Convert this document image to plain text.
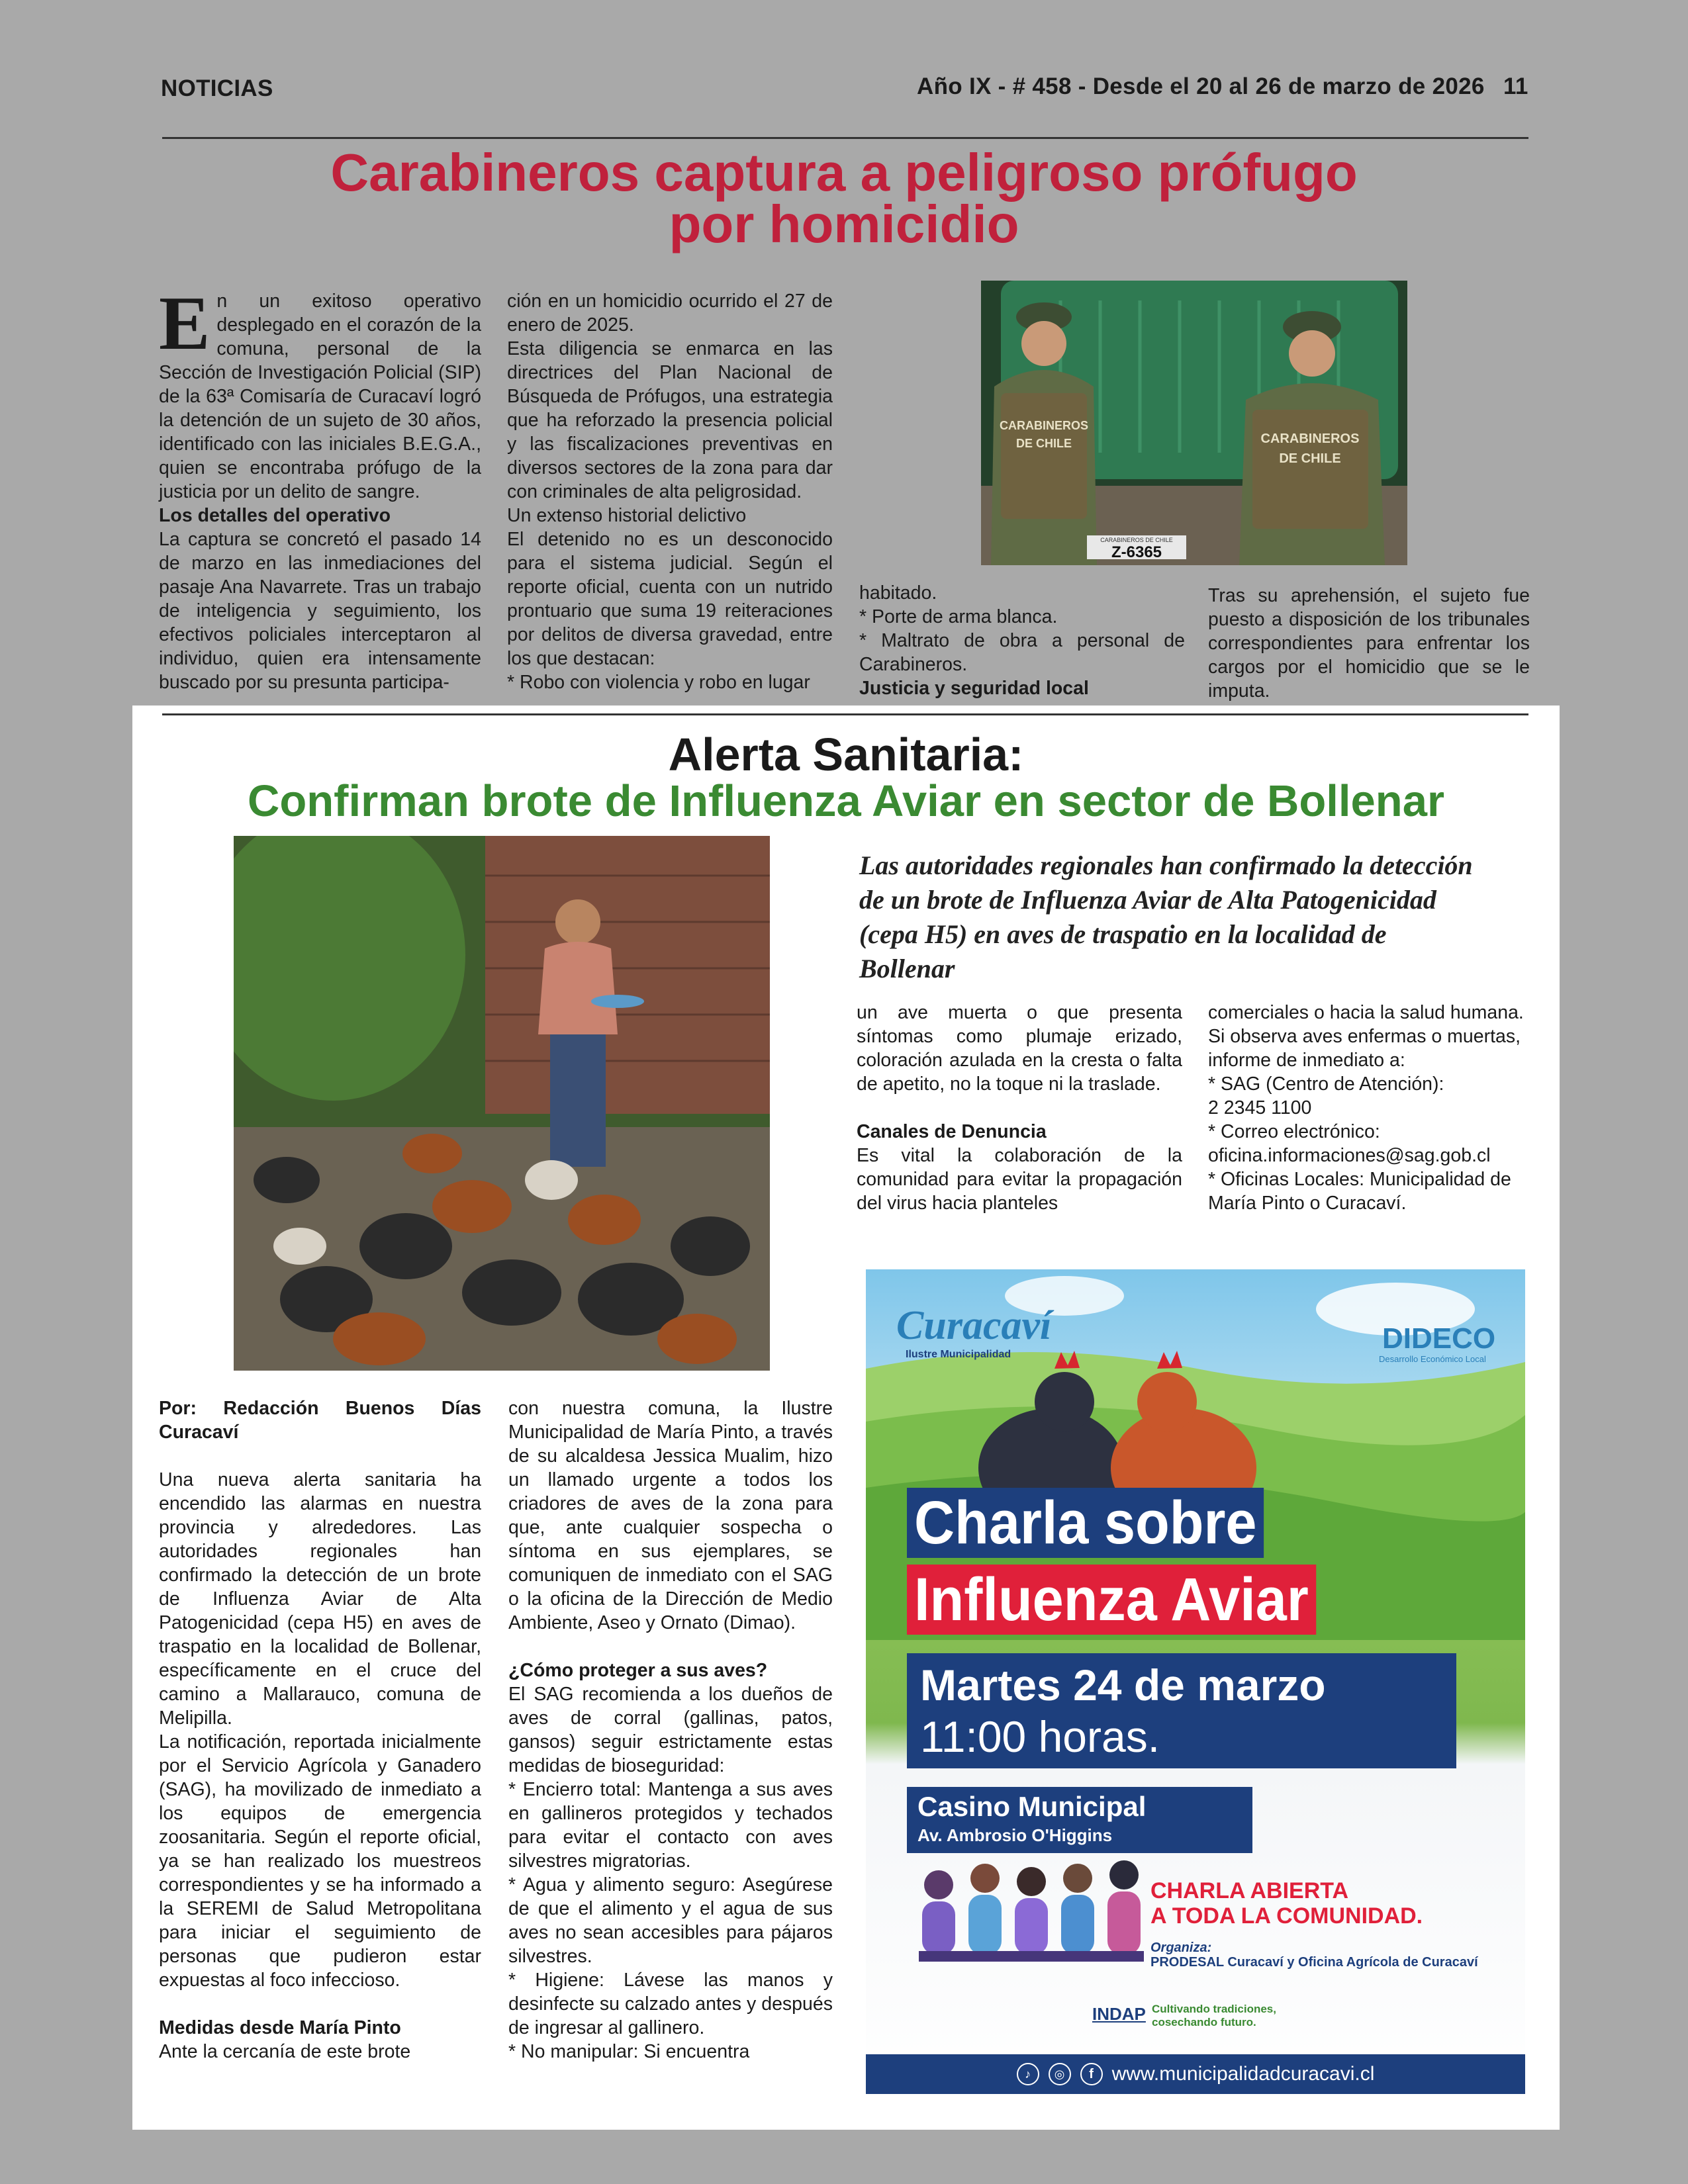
NOTICIAS	Año IX - # 458 - Desde el 20 al 26 de marzo de 2026 11
Carabineros captura a peligroso prófugo
por homicidio
E n un exitoso operativo desplegado en el corazón de la comuna, personal de la Sección de Investigación Policial (SIP) de la 63ª Comisaría de Curacaví logró la detención de un sujeto de 30 años, identificado con las iniciales B.E.G.A., quien se encontraba prófugo de la justicia por un delito de sangre.

Los detalles del operativo

La captura se concretó el pasado 14 de marzo en las inmediaciones del pasaje Ana Navarrete. Tras un trabajo de inteligencia y seguimiento, los efectivos policiales interceptaron al individuo, quien era intensamente buscado por su presunta participa-

ción en un homicidio ocurrido el 27 de enero de 2025.

Esta diligencia se enmarca en las directrices del Plan Nacional de Búsqueda de Prófugos, una estrategia que ha reforzado la presencia policial y las fiscalizaciones preventivas en diversos sectores de la zona para dar con criminales de alta peligrosidad.

Un extenso historial delictivo

El detenido no es un desconocido para el sistema judicial. Según el reporte oficial, cuenta con un nutrido prontuario que suma 19 reiteraciones por delitos de diversa gravedad, entre los que destacan:

* Robo con violencia y robo en lugar

CARABINEROS
DE CHILE	CARABINEROS
DE CHILE
CARABINEROS DE CHILE
Z-6365

habitado.

* Porte de arma blanca.

* Maltrato de obra a personal de Carabineros.

Justicia y seguridad local

Tras su aprehensión, el sujeto fue puesto a disposición de los tribunales correspondientes para enfrentar los cargos por el homicidio que se le imputa.

Alerta Sanitaria:
Confirman brote de Influenza Aviar en sector de Bollenar
Las autoridades regionales han confirmado la detección de un brote de Influenza Aviar de Alta Patogenicidad (cepa H5) en aves de traspatio en la localidad de Bollenar

Por: Redacción Buenos Días Curacaví

Una nueva alerta sanitaria ha encendido las alarmas en nuestra provincia y alrededores. Las autoridades regionales han confirmado la detección de un brote de Influenza Aviar de Alta Patogenicidad (cepa H5) en aves de traspatio en la localidad de Bollenar, específicamente en el cruce del camino a Mallarauco, comuna de Melipilla.

La notificación, reportada inicialmente por el Servicio Agrícola y Ganadero (SAG), ha movilizado de inmediato a los equipos de emergencia zoosanitaria. Según el reporte oficial, ya se han realizado los muestreos correspondientes y se ha informado a la SEREMI de Salud Metropolitana para iniciar el seguimiento de personas que pudieron estar expuestas al foco infeccioso.

Medidas desde María Pinto

Ante la cercanía de este brote

con nuestra comuna, la Ilustre Municipalidad de María Pinto, a través de su alcaldesa Jessica Mualim, hizo un llamado urgente a todos los criadores de aves de la zona para que, ante cualquier sospecha o síntoma en sus ejemplares, se comuniquen de inmediato con el SAG o la oficina de la Dirección de Medio Ambiente, Aseo y Ornato (Dimao).

¿Cómo proteger a sus aves?

El SAG recomienda a los dueños de aves de corral (gallinas, patos, gansos) seguir estrictamente estas medidas de bioseguridad:

* Encierro total: Mantenga a sus aves en gallineros protegidos y techados para evitar el contacto con aves silvestres migratorias.

* Agua y alimento seguro: Asegúrese de que el alimento y el agua de sus aves no sean accesibles para pájaros silvestres.

* Higiene: Lávese las manos y desinfecte su calzado antes y después de ingresar al gallinero.

* No manipular: Si encuentra

un ave muerta o que presenta síntomas como plumaje erizado, coloración azulada en la cresta o falta de apetito, no la toque ni la traslade.

Canales de Denuncia

Es vital la colaboración de la comunidad para evitar la propagación del virus hacia planteles

comerciales o hacia la salud humana. Si observa aves enfermas o muertas, informe de inmediato a:

* SAG (Centro de Atención):

2 2345 1100

* Correo electrónico: oficina.informaciones@sag.gob.cl

* Oficinas Locales: Municipalidad de María Pinto o Curacaví.

Curacaví
Ilustre Municipalidad	DIDECO
Desarrollo Económico Local
Charla sobre
Influenza Aviar
Martes 24 de marzo
11:00 horas.
Casino Municipal
Av. Ambrosio O'Higgins
CHARLA ABIERTA
A TODA LA COMUNIDAD.
Organiza:
PRODESAL Curacaví y Oficina Agrícola de Curacaví
INDAP Cultivando tradiciones, cosechando futuro.
♪	◎	f www.municipalidadcuracavi.cl
